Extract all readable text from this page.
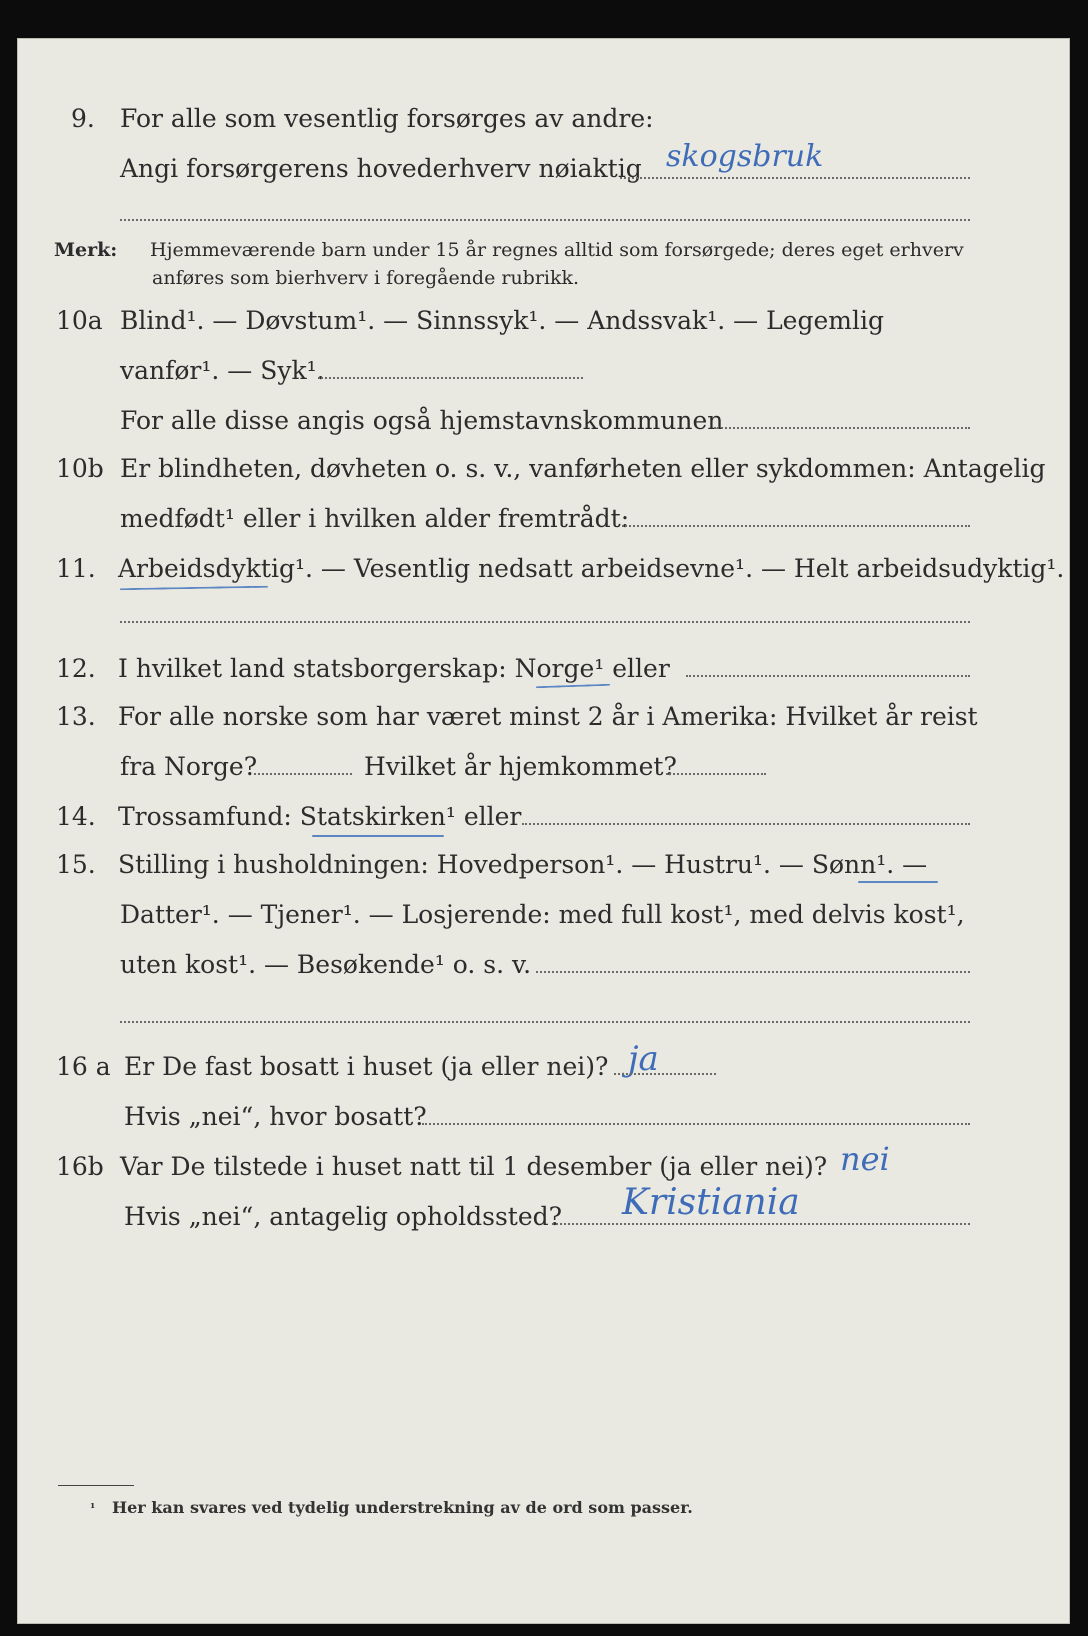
9. For alle som vesentlig forsørges av andre:
Angi forsørgerens hovederhverv nøiaktig skogsbruk
Merk: Hjemmeværende barn under 15 år regnes alltid som forsørgede; deres eget erhverv
anføres som bierhverv i foregående rubrikk.
10a Blind¹. — Døvstum¹. — Sinnssyk¹. — Andssvak¹. — Legemlig
vanfør¹. — Syk¹.
For alle disse angis også hjemstavnskommunen
10b Er blindheten, døvheten o. s. v., vanførheten eller sykdommen: Antagelig
medfødt¹ eller i hvilken alder fremtrådt:
11. Arbeidsdyktig¹. — Vesentlig nedsatt arbeidsevne¹. — Helt arbeidsudyktig¹.
12. I hvilket land statsborgerskap: Norge¹ eller
13. For alle norske som har været minst 2 år i Amerika: Hvilket år reist
fra Norge?	Hvilket år hjemkommet?
14. Trossamfund: Statskirken¹ eller
15. Stilling i husholdningen: Hovedperson¹. — Hustru¹. — Sønn¹. —
Datter¹. — Tjener¹. — Losjerende: med full kost¹, med delvis kost¹,
uten kost¹. — Besøkende¹ o. s. v.
16 a Er De fast bosatt i huset (ja eller nei)? ja
Hvis „nei“, hvor bosatt?
16b Var De tilstede i huset natt til 1 desember (ja eller nei)? nei
Hvis „nei“, antagelig opholdssted? Kristiania
¹ Her kan svares ved tydelig understrekning av de ord som passer.
